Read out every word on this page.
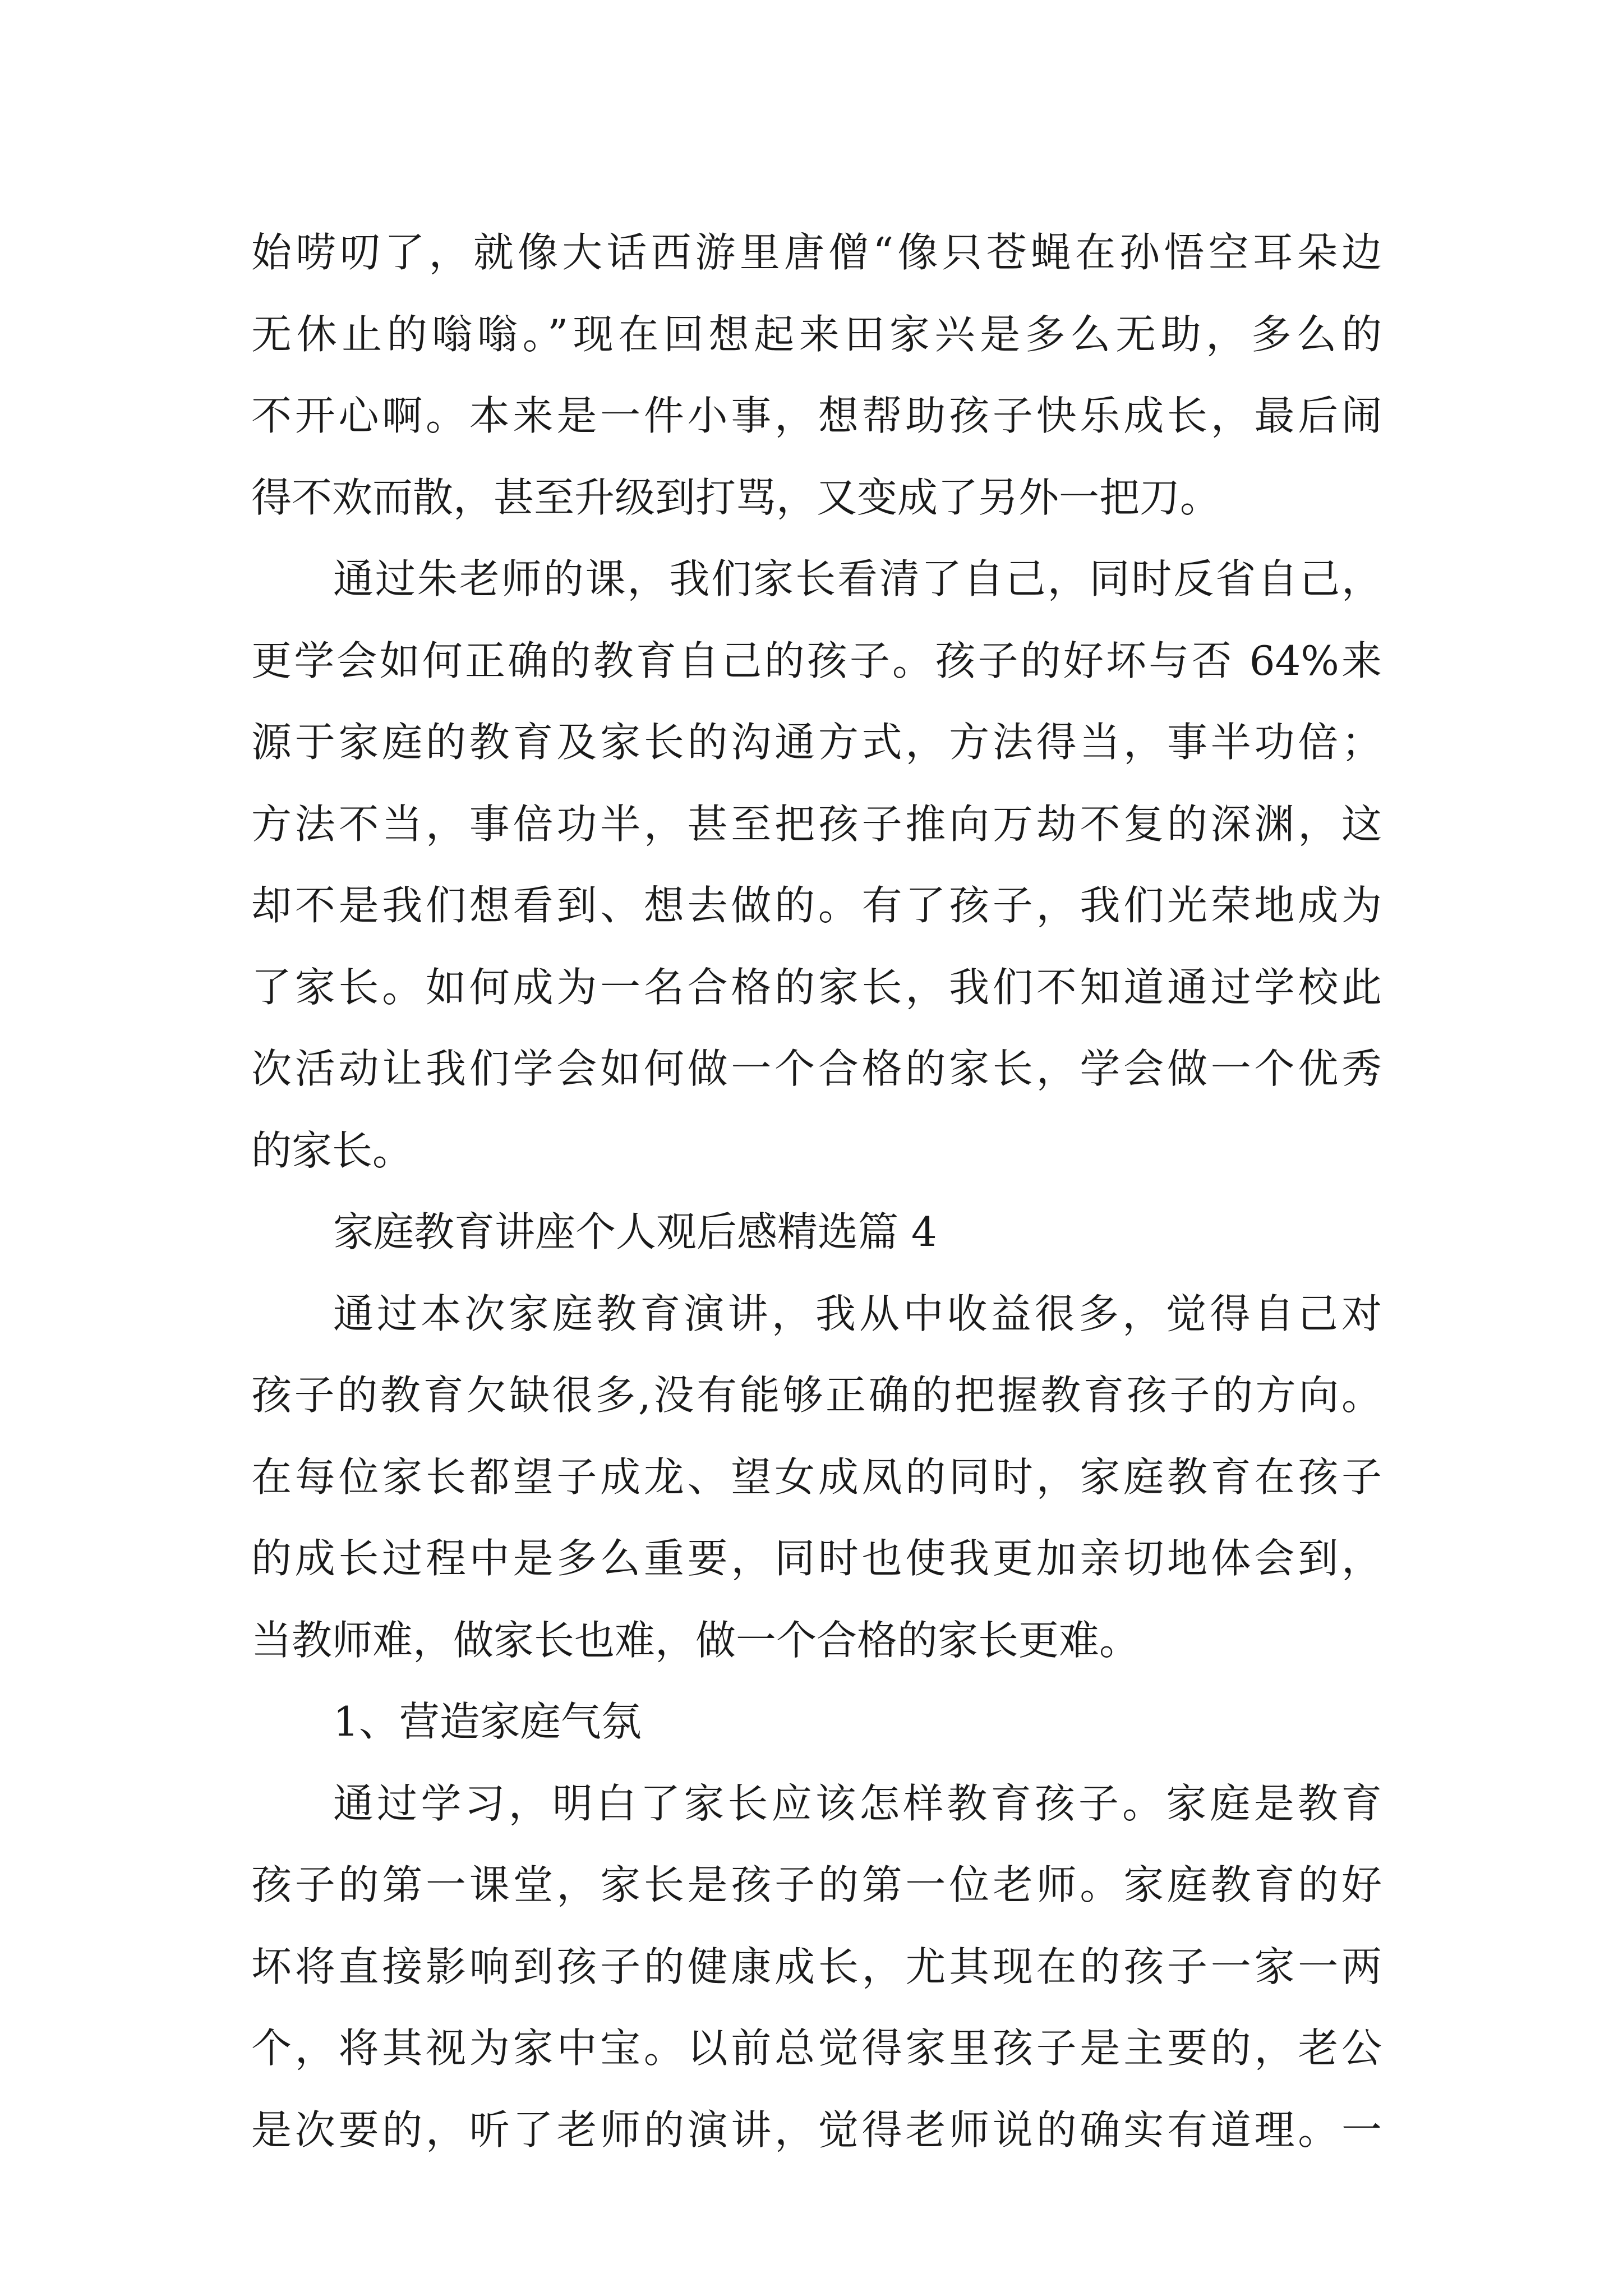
始唠叨了，就像大话西游里唐僧“像只苍蝇在孙悟空耳朵边
无休止的嗡嗡。”现在回想起来田家兴是多么无助，多么的
不开心啊。本来是一件小事，想帮助孩子快乐成长，最后闹
得不欢而散，甚至升级到打骂，又变成了另外一把刀。
通过朱老师的课，我们家长看清了自己，同时反省自己，
更学会如何正确的教育自己的孩子。孩子的好坏与否 64%来
源于家庭的教育及家长的沟通方式，方法得当，事半功倍；
方法不当，事倍功半，甚至把孩子推向万劫不复的深渊，这
却不是我们想看到、想去做的。有了孩子，我们光荣地成为
了家长。如何成为一名合格的家长，我们不知道通过学校此
次活动让我们学会如何做一个合格的家长，学会做一个优秀
的家长。
家庭教育讲座个人观后感精选篇 4
通过本次家庭教育演讲，我从中收益很多，觉得自己对
孩子的教育欠缺很多,没有能够正确的把握教育孩子的方向。
在每位家长都望子成龙、望女成凤的同时，家庭教育在孩子
的成长过程中是多么重要，同时也使我更加亲切地体会到，
当教师难，做家长也难，做一个合格的家长更难。
1、营造家庭气氛
通过学习，明白了家长应该怎样教育孩子。家庭是教育
孩子的第一课堂，家长是孩子的第一位老师。家庭教育的好
坏将直接影响到孩子的健康成长，尤其现在的孩子一家一两
个，将其视为家中宝。以前总觉得家里孩子是主要的，老公
是次要的，听了老师的演讲，觉得老师说的确实有道理。一
